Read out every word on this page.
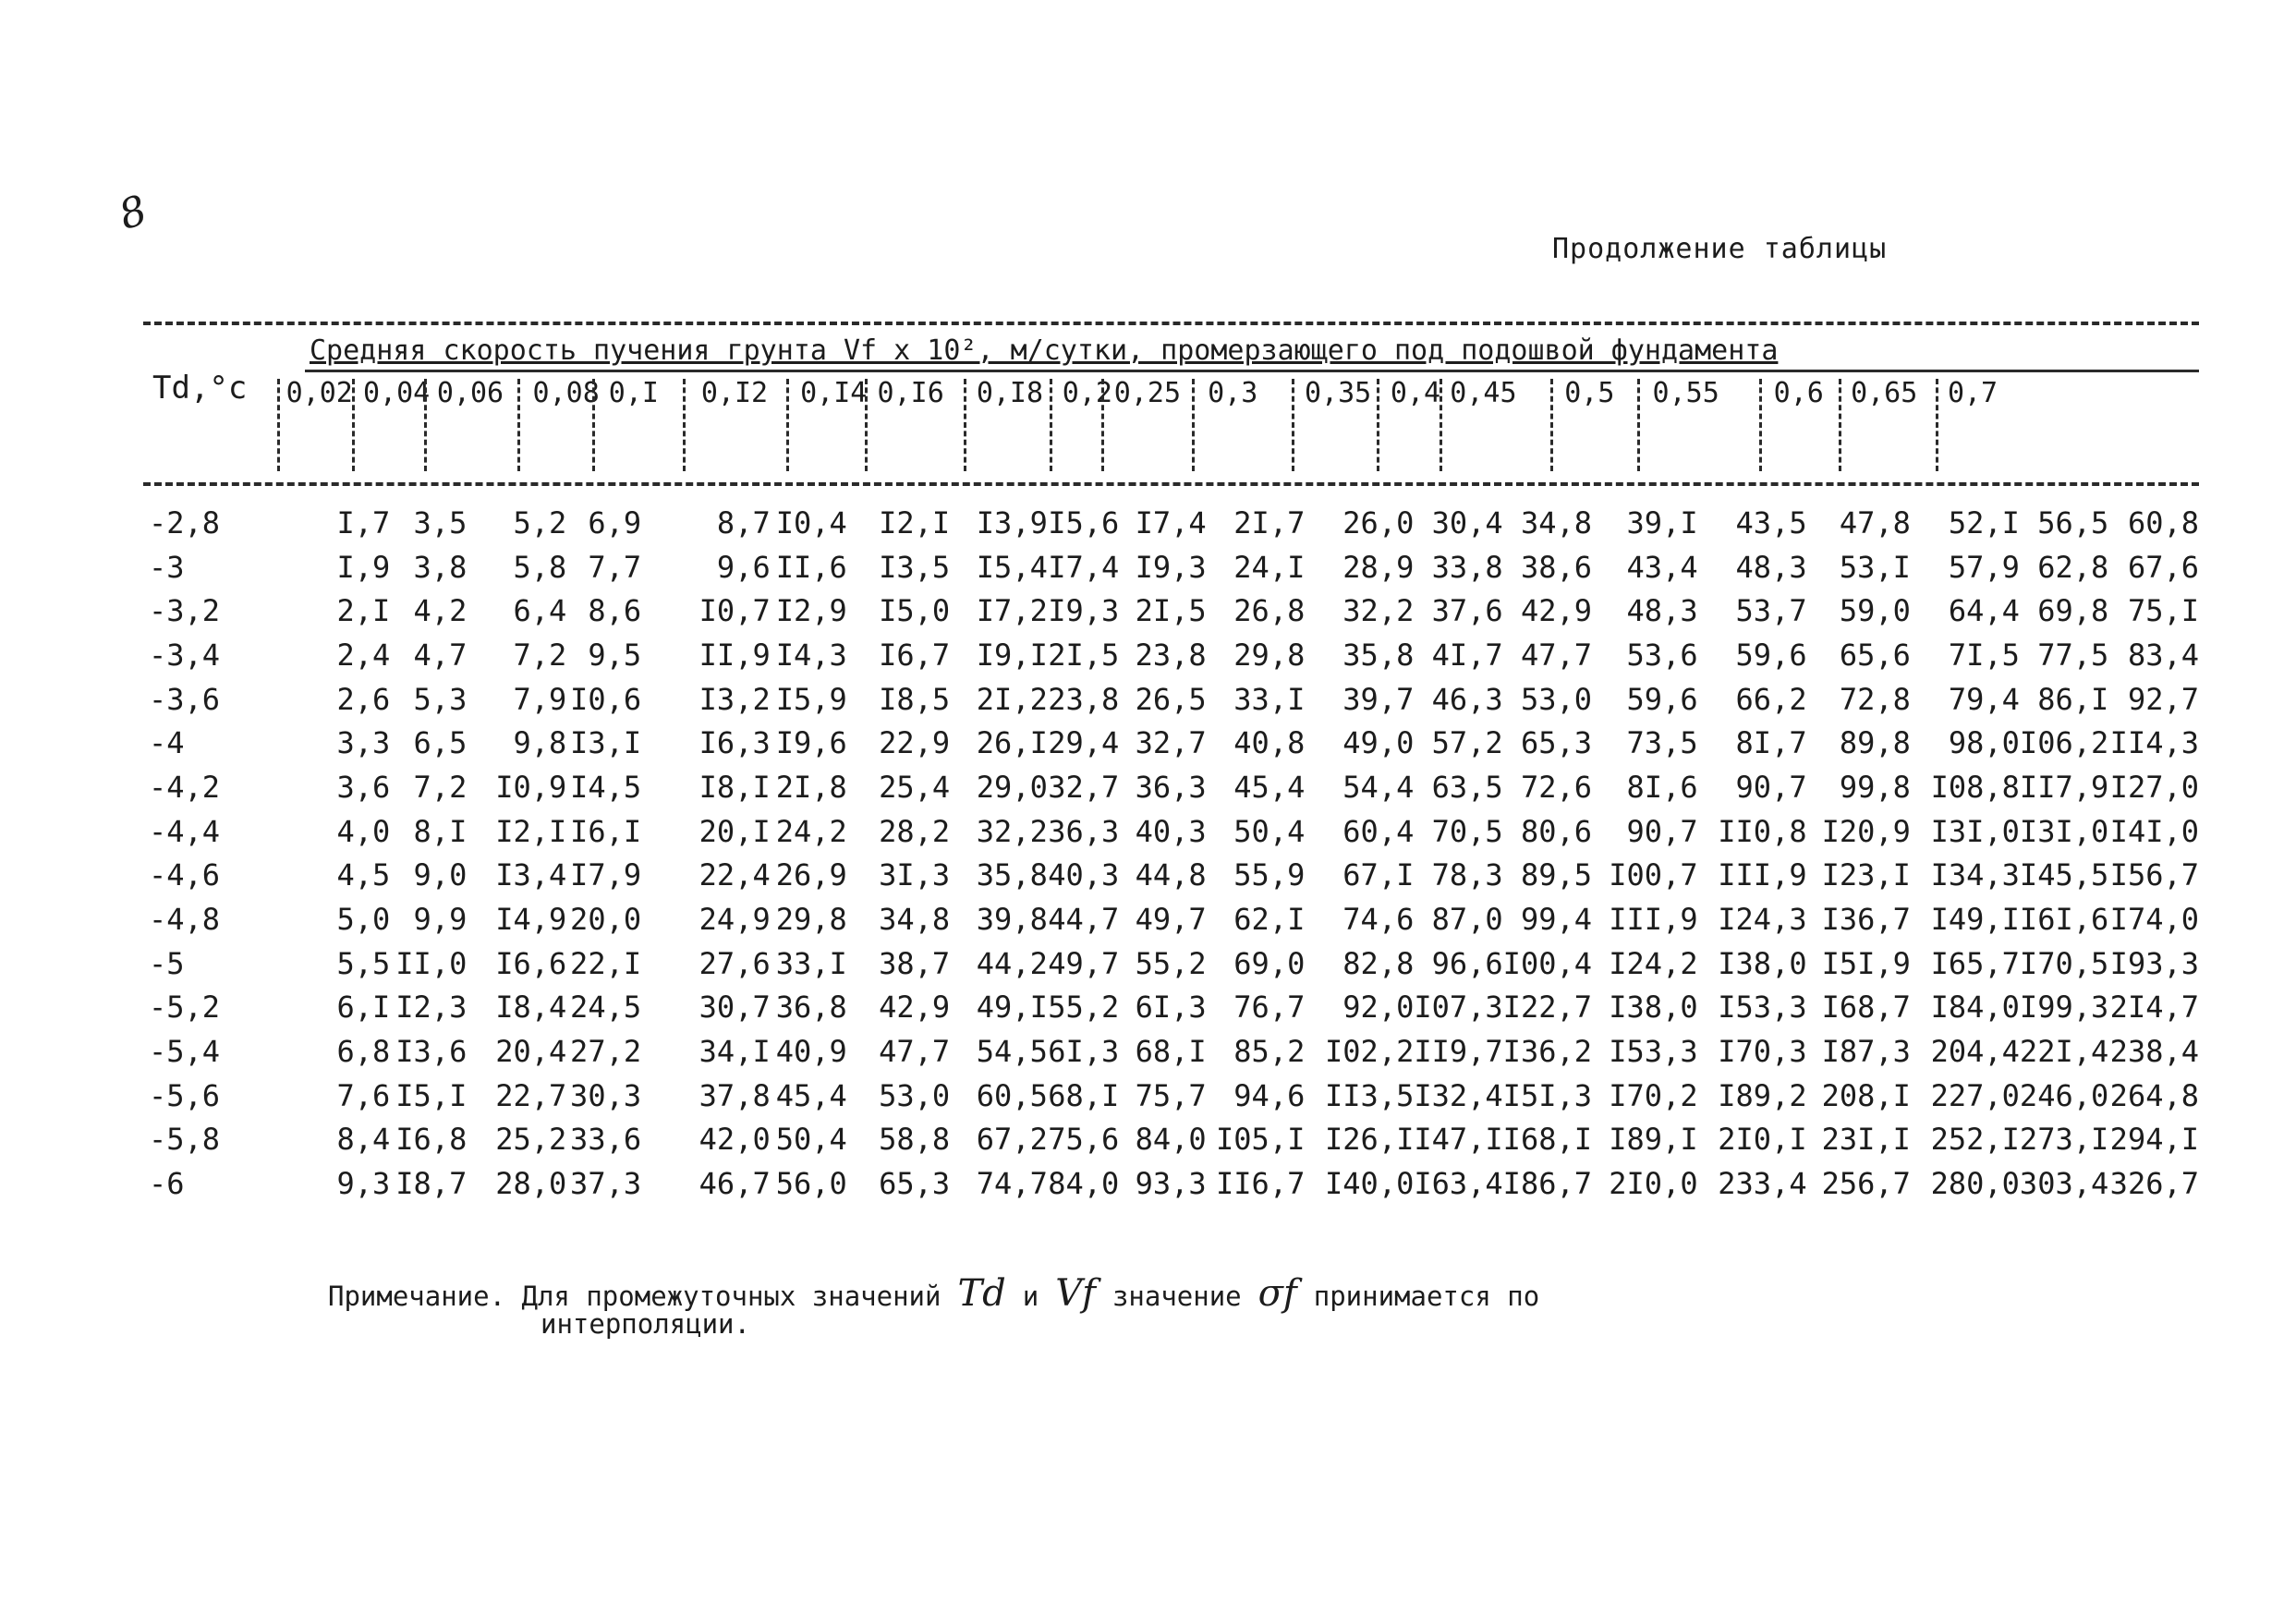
8
Продолжение таблицы
Td,°c
Средняя скорость пучения грунта Vf x 10², м/сутки, промерзающего под подошвой фундамента
0,02 0,04 0,06 0,08 0,I 0,I2 0,I4 0,I6 0,I8 0,2 0,25 0,3 0,35 0,4 0,45 0,5 0,55 0,6 0,65 0,7
-2,8	I,7	3,5	5,2	6,9	8,7	I0,4	I2,I	I3,9	I5,6	I7,4	2I,7	26,0	30,4	34,8	39,I	43,5	47,8	52,I	56,5	60,8
-3	I,9	3,8	5,8	7,7	9,6	II,6	I3,5	I5,4	I7,4	I9,3	24,I	28,9	33,8	38,6	43,4	48,3	53,I	57,9	62,8	67,6
-3,2	2,I	4,2	6,4	8,6	I0,7	I2,9	I5,0	I7,2	I9,3	2I,5	26,8	32,2	37,6	42,9	48,3	53,7	59,0	64,4	69,8	75,I
-3,4	2,4	4,7	7,2	9,5	II,9	I4,3	I6,7	I9,I	2I,5	23,8	29,8	35,8	4I,7	47,7	53,6	59,6	65,6	7I,5	77,5	83,4
-3,6	2,6	5,3	7,9	I0,6	I3,2	I5,9	I8,5	2I,2	23,8	26,5	33,I	39,7	46,3	53,0	59,6	66,2	72,8	79,4	86,I	92,7
-4	3,3	6,5	9,8	I3,I	I6,3	I9,6	22,9	26,I	29,4	32,7	40,8	49,0	57,2	65,3	73,5	8I,7	89,8	98,0	I06,2	II4,3
-4,2	3,6	7,2	I0,9	I4,5	I8,I	2I,8	25,4	29,0	32,7	36,3	45,4	54,4	63,5	72,6	8I,6	90,7	99,8	I08,8	II7,9	I27,0
-4,4	4,0	8,I	I2,I	I6,I	20,I	24,2	28,2	32,2	36,3	40,3	50,4	60,4	70,5	80,6	90,7	II0,8	I20,9	I3I,0	I3I,0	I4I,0
-4,6	4,5	9,0	I3,4	I7,9	22,4	26,9	3I,3	35,8	40,3	44,8	55,9	67,I	78,3	89,5	I00,7	III,9	I23,I	I34,3	I45,5	I56,7
-4,8	5,0	9,9	I4,9	20,0	24,9	29,8	34,8	39,8	44,7	49,7	62,I	74,6	87,0	99,4	III,9	I24,3	I36,7	I49,I	I6I,6	I74,0
-5	5,5	II,0	I6,6	22,I	27,6	33,I	38,7	44,2	49,7	55,2	69,0	82,8	96,6	I00,4	I24,2	I38,0	I5I,9	I65,7	I70,5	I93,3
-5,2	6,I	I2,3	I8,4	24,5	30,7	36,8	42,9	49,I	55,2	6I,3	76,7	92,0	I07,3	I22,7	I38,0	I53,3	I68,7	I84,0	I99,3	2I4,7
-5,4	6,8	I3,6	20,4	27,2	34,I	40,9	47,7	54,5	6I,3	68,I	85,2	I02,2	II9,7	I36,2	I53,3	I70,3	I87,3	204,4	22I,4	238,4
-5,6	7,6	I5,I	22,7	30,3	37,8	45,4	53,0	60,5	68,I	75,7	94,6	II3,5	I32,4	I5I,3	I70,2	I89,2	208,I	227,0	246,0	264,8
-5,8	8,4	I6,8	25,2	33,6	42,0	50,4	58,8	67,2	75,6	84,0	I05,I	I26,I	I47,I	I68,I	I89,I	2I0,I	23I,I	252,I	273,I	294,I
-6	9,3	I8,7	28,0	37,3	46,7	56,0	65,3	74,7	84,0	93,3	II6,7	I40,0	I63,4	I86,7	2I0,0	233,4	256,7	280,0	303,4	326,7
Примечание. Для промежуточных значений Td и Vf значение σf принимается по
интерполяции.
